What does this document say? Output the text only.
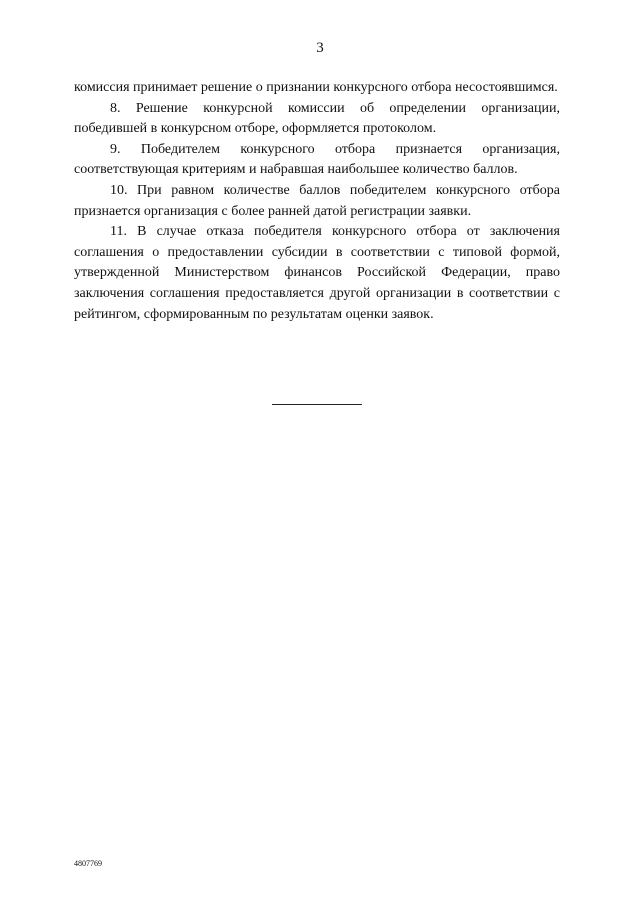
3

комиссия принимает решение о признании конкурсного отбора несостоявшимся.

8. Решение конкурсной комиссии об определении организации, победившей в конкурсном отборе, оформляется протоколом.

9. Победителем конкурсного отбора признается организация, соответствующая критериям и набравшая наибольшее количество баллов.

10. При равном количестве баллов победителем конкурсного отбора признается организация с более ранней датой регистрации заявки.

11. В случае отказа победителя конкурсного отбора от заключения соглашения о предоставлении субсидии в соответствии с типовой формой, утвержденной Министерством финансов Российской Федерации, право заключения соглашения предоставляется другой организации в соответствии с рейтингом, сформированным по результатам оценки заявок.

4807769
